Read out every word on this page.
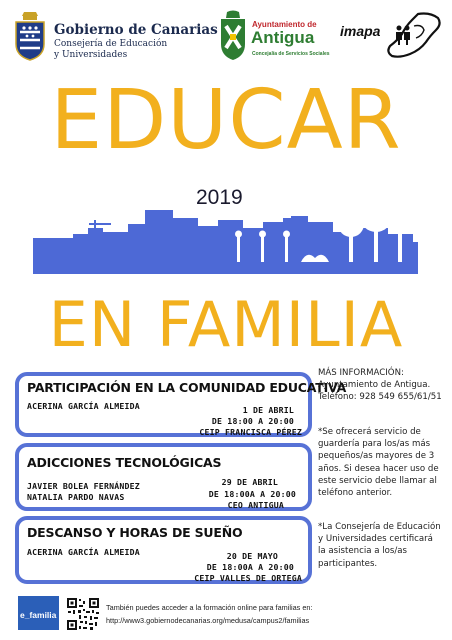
Gobierno de Canarias
Consejería de Educación
y Universidades
Ayuntamiento de
Antigua
Concejalía de Servicios Sociales
imapa
EDUCAR
2019
EN FAMILIA
PARTICIPACIÓN EN LA COMUNIDAD EDUCATIVA
ACERINA GARCÍA ALMEIDA	1 DE ABRIL
DE 18:00 A 20:00
CEIP FRANCISCA PÉREZ
ADICCIONES TECNOLÓGICAS
JAVIER BOLEA FERNÁNDEZ
NATALIA PARDO NAVAS
29 DE ABRIL
DE 18:00A A 20:00
CEO ANTIGUA
DESCANSO Y HORAS DE SUEÑO
ACERINA GARCÍA ALMEIDA	20 DE MAYO
DE 18:00A A 20:00
CEIP VALLES DE ORTEGA
MÁS INFORMACIÓN:
Ayuntamiento de Antigua.
Teléfono: 928 549 655/61/51
*Se ofrecerá servicio de
guardería para los/as más
pequeños/as mayores de 3
años. Si desea hacer uso de
este servicio debe llamar al
teléfono anterior.
*La Consejería de Educación
y Universidades certificará
la asistencia a los/as
participantes.
e_familia
También puedes acceder a la formación online para familias en:
http://www3.gobiernodecanarias.org/medusa/campus2/familias
